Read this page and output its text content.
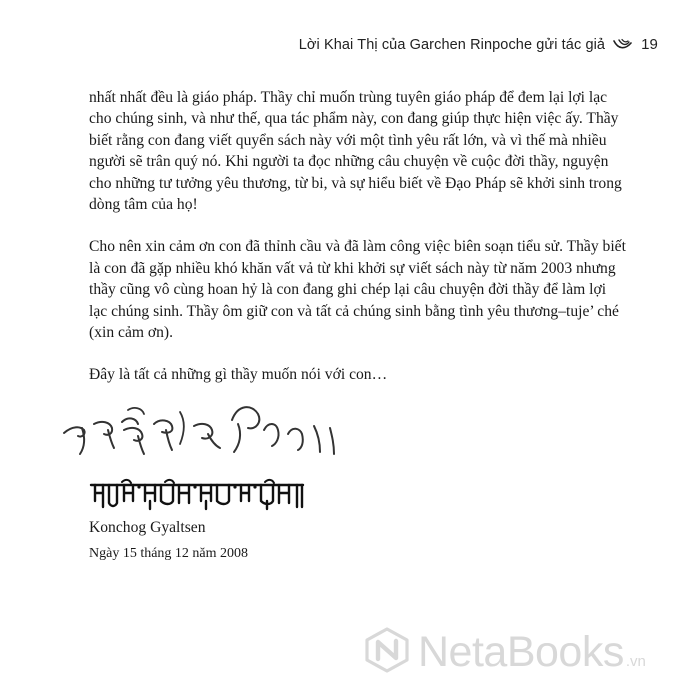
Lời Khai Thị của Garchen Rinpoche gửi tác giả 19

nhất nhất đều là giáo pháp. Thầy chỉ muốn trùng tuyên giáo pháp để đem lại lợi lạc
cho chúng sinh, và như thế, qua tác phẩm này, con đang giúp thực hiện việc ấy. Thầy
biết rằng con đang viết quyển sách này với một tình yêu rất lớn, và vì thế mà nhiều
người sẽ trân quý nó. Khi người ta đọc những câu chuyện về cuộc đời thầy, nguyện
cho những tư tưởng yêu thương, từ bi, và sự hiểu biết về Đạo Pháp sẽ khởi sinh trong
dòng tâm của họ!

Cho nên xin cảm ơn con đã thỉnh cầu và đã làm công việc biên soạn tiểu sử. Thầy biết
là con đã gặp nhiều khó khăn vất vả từ khi khởi sự viết sách này từ năm 2003 nhưng
thầy cũng vô cùng hoan hỷ là con đang ghi chép lại câu chuyện đời thầy để làm lợi
lạc chúng sinh. Thầy ôm giữ con và tất cả chúng sinh bằng tình yêu thương–tuje’ ché
(xin cảm ơn).

Đây là tất cả những gì thầy muốn nói với con…

Konchog Gyaltsen
Ngày 15 tháng 12 năm 2008
NetaBooks .vn
